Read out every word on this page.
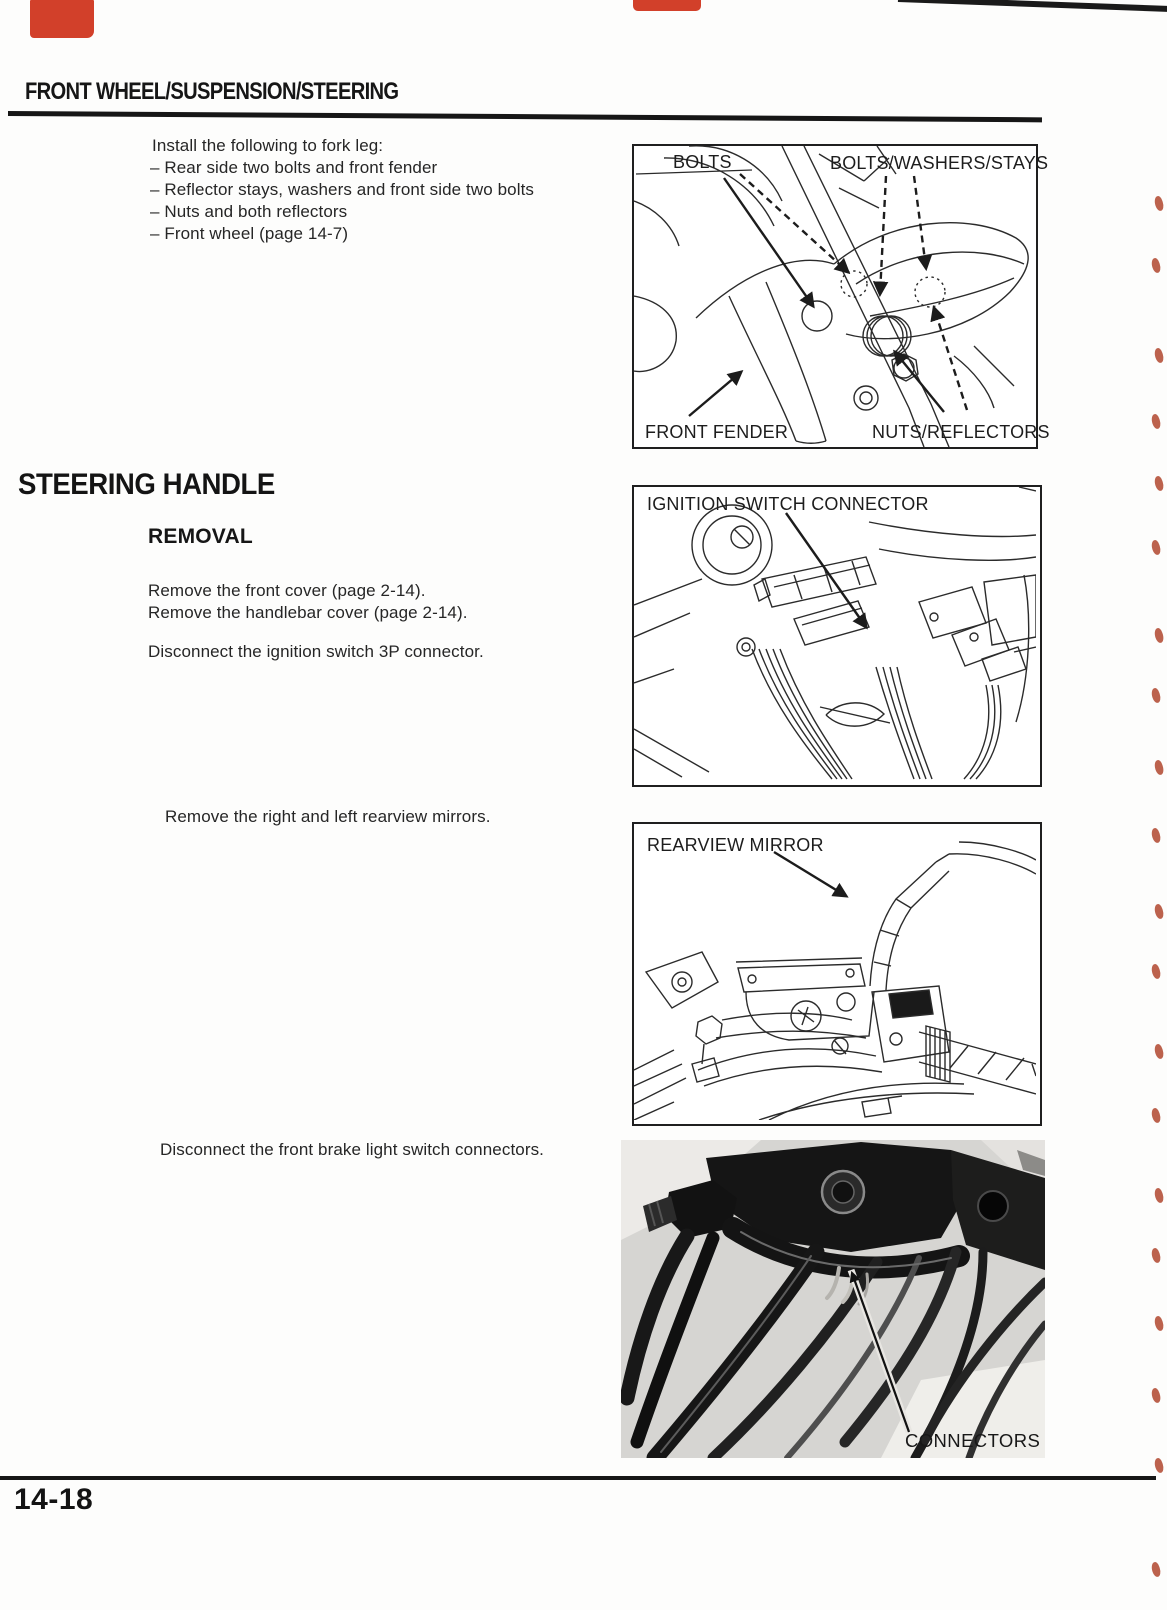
FRONT WHEEL/SUSPENSION/STEERING
Install the following to fork leg:
– Rear side two bolts and front fender
– Reflector stays, washers and front side two bolts
– Nuts and both reflectors
– Front wheel (page 14-7)
BOLTS	BOLTS/WASHERS/STAYS
FRONT FENDER	NUTS/REFLECTORS
STEERING HANDLE
REMOVAL
Remove the front cover (page 2-14).
Remove the handlebar cover (page 2-14).
Disconnect the ignition switch 3P connector.
IGNITION SWITCH CONNECTOR
Remove the right and left rearview mirrors.
REARVIEW MIRROR
Disconnect the front brake light switch connectors.
CONNECTORS
14-18
